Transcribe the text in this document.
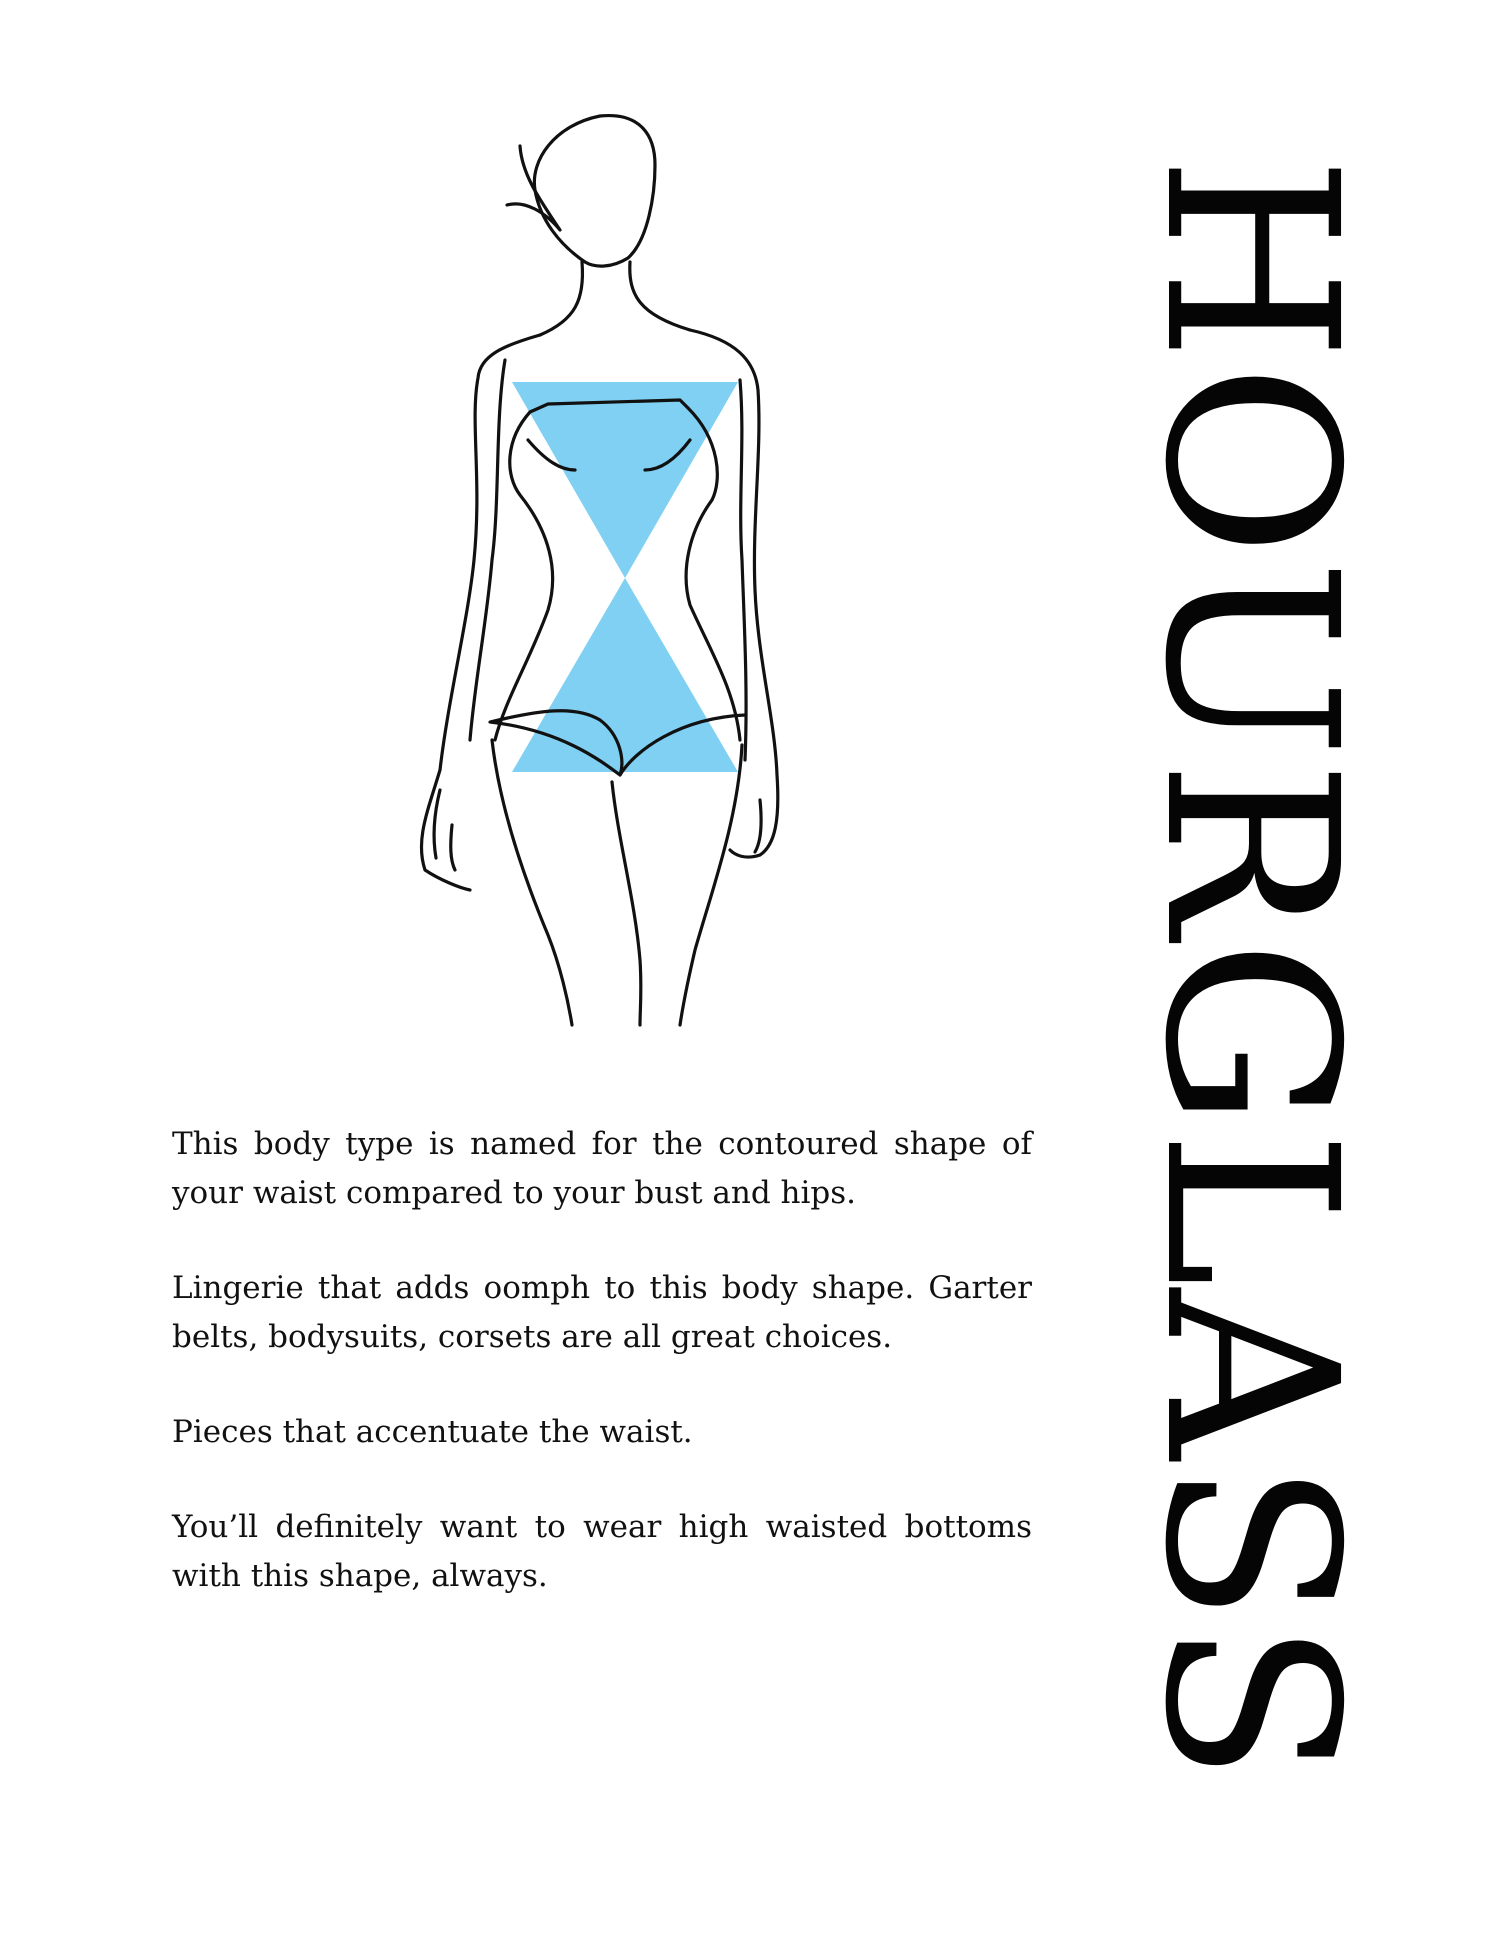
HOURGLASS

This body type is named for the contoured shape of your waist compared to your bust and hips.

Lingerie that adds oomph to this body shape. Garter belts, bodysuits, corsets are all great choices.

Pieces that accentuate the waist.

You’ll definitely want to wear high waisted bottoms with this shape, always.
